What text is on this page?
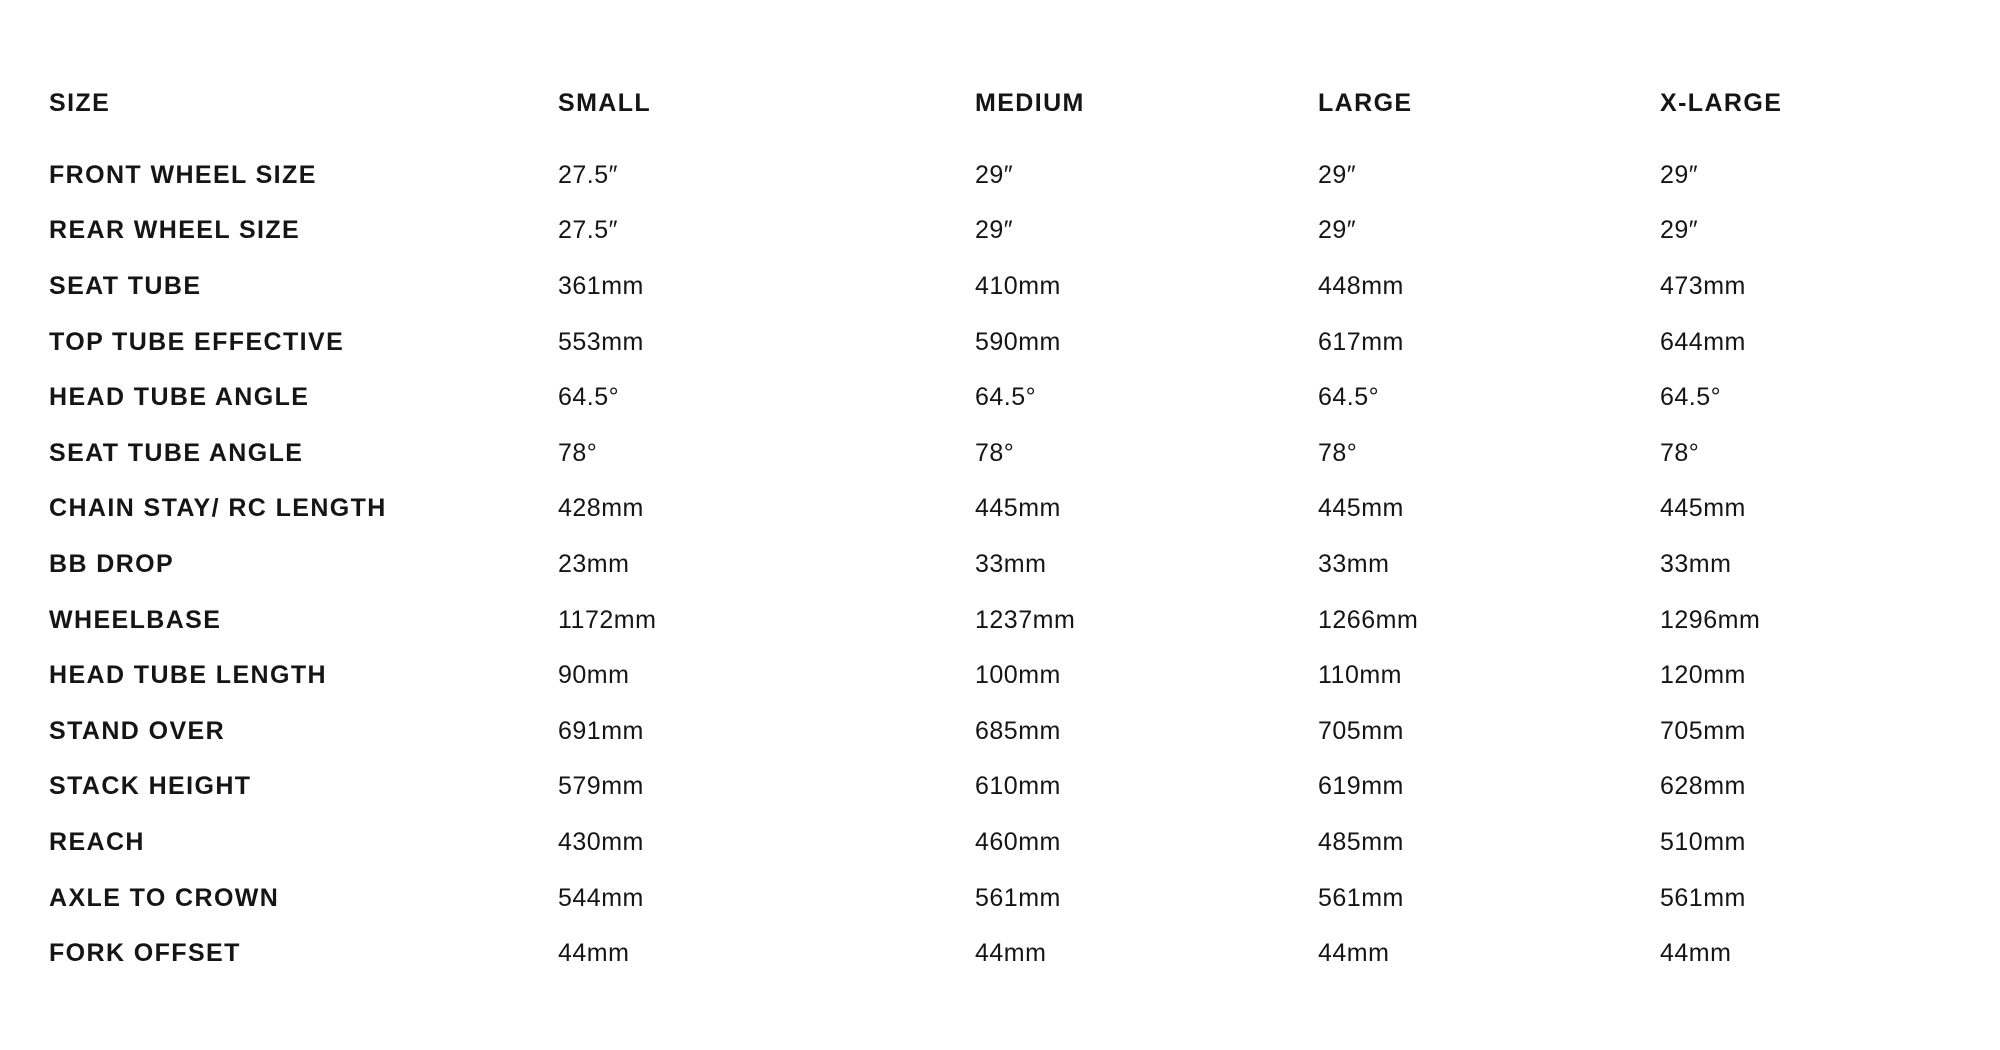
SIZE	SMALL	MEDIUM	LARGE	X-LARGE
FRONT WHEEL SIZE	27.5″	29″	29″	29″
REAR WHEEL SIZE	27.5″	29″	29″	29″
SEAT TUBE	361mm	410mm	448mm	473mm
TOP TUBE EFFECTIVE	553mm	590mm	617mm	644mm
HEAD TUBE ANGLE	64.5°	64.5°	64.5°	64.5°
SEAT TUBE ANGLE	78°	78°	78°	78°
CHAIN STAY/ RC LENGTH	428mm	445mm	445mm	445mm
BB DROP	23mm	33mm	33mm	33mm
WHEELBASE	1172mm	1237mm	1266mm	1296mm
HEAD TUBE LENGTH	90mm	100mm	110mm	120mm
STAND OVER	691mm	685mm	705mm	705mm
STACK HEIGHT	579mm	610mm	619mm	628mm
REACH	430mm	460mm	485mm	510mm
AXLE TO CROWN	544mm	561mm	561mm	561mm
FORK OFFSET	44mm	44mm	44mm	44mm
